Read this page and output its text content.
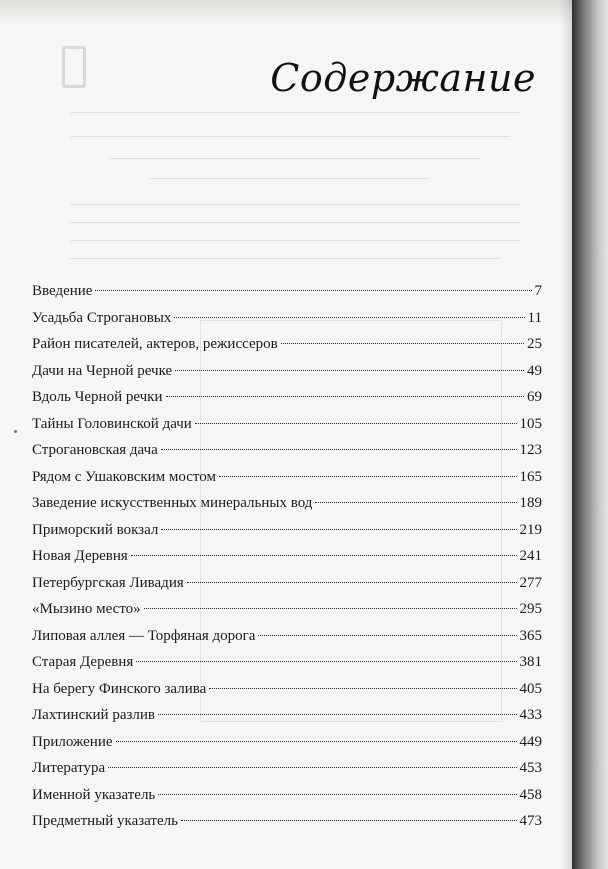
Содержание
Введение	7
Усадьба Строгановых	11
Район писателей, актеров, режиссеров	25
Дачи на Черной речке	49
Вдоль Черной речки	69
Тайны Головинской дачи	105
Строгановская дача	123
Рядом с Ушаковским мостом	165
Заведение искусственных минеральных вод	189
Приморский вокзал	219
Новая Деревня	241
Петербургская Ливадия	277
«Мызино место»	295
Липовая аллея — Торфяная дорога	365
Старая Деревня	381
На берегу Финского залива	405
Лахтинский разлив	433
Приложение	449
Литература	453
Именной указатель	458
Предметный указатель	473
